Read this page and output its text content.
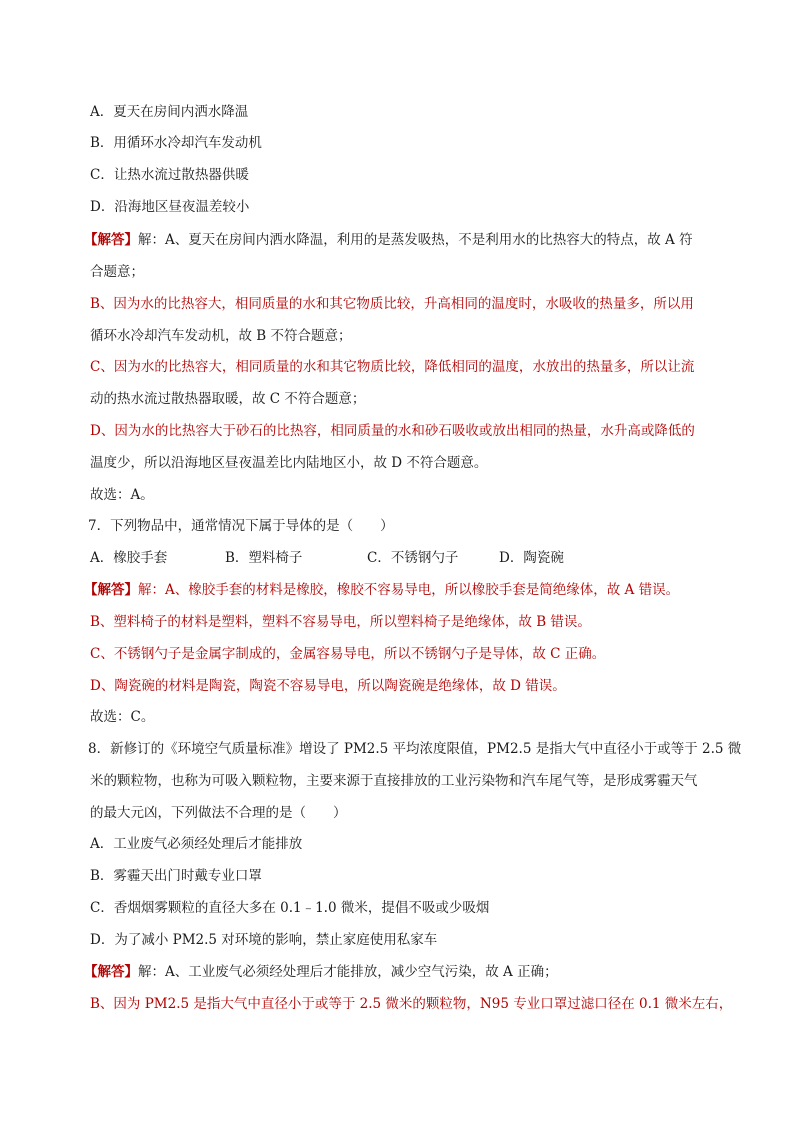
A．夏天在房间内洒水降温
B．用循环水冷却汽车发动机
C．让热水流过散热器供暖
D．沿海地区昼夜温差较小
【解答】解：A、夏天在房间内洒水降温，利用的是蒸发吸热，不是利用水的比热容大的特点，故 A 符
合题意；
B、因为水的比热容大，相同质量的水和其它物质比较，升高相同的温度时，水吸收的热量多，所以用
循环水冷却汽车发动机，故 B 不符合题意；
C、因为水的比热容大，相同质量的水和其它物质比较，降低相同的温度，水放出的热量多，所以让流
动的热水流过散热器取暖，故 C 不符合题意；
D、因为水的比热容大于砂石的比热容，相同质量的水和砂石吸收或放出相同的热量，水升高或降低的
温度少，所以沿海地区昼夜温差比内陆地区小，故 D 不符合题意。
故选：A。
7．下列物品中，通常情况下属于导体的是（　　）
A．橡胶手套	B．塑料椅子	C．不锈钢勺子	D．陶瓷碗
【解答】解：A、橡胶手套的材料是橡胶，橡胶不容易导电，所以橡胶手套是简绝缘体，故 A 错误。
B、塑料椅子的材料是塑料，塑料不容易导电，所以塑料椅子是绝缘体，故 B 错误。
C、不锈钢勺子是金属字制成的，金属容易导电，所以不锈钢勺子是导体，故 C 正确。
D、陶瓷碗的材料是陶瓷，陶瓷不容易导电，所以陶瓷碗是绝缘体，故 D 错误。
故选：C。
8．新修订的《环境空气质量标准》增设了 PM2.5 平均浓度限值，PM2.5 是指大气中直径小于或等于 2.5 微
米的颗粒物，也称为可吸入颗粒物，主要来源于直接排放的工业污染物和汽车尾气等，是形成雾霾天气
的最大元凶，下列做法不合理的是（　　）
A．工业废气必须经处理后才能排放
B．雾霾天出门时戴专业口罩
C．香烟烟雾颗粒的直径大多在 0.1﹣1.0 微米，提倡不吸或少吸烟
D．为了减小 PM2.5 对环境的影响，禁止家庭使用私家车
【解答】解：A、工业废气必须经处理后才能排放，减少空气污染，故 A 正确；
B、因为 PM2.5 是指大气中直径小于或等于 2.5 微米的颗粒物，N95 专业口罩过滤口径在 0.1 微米左右，
